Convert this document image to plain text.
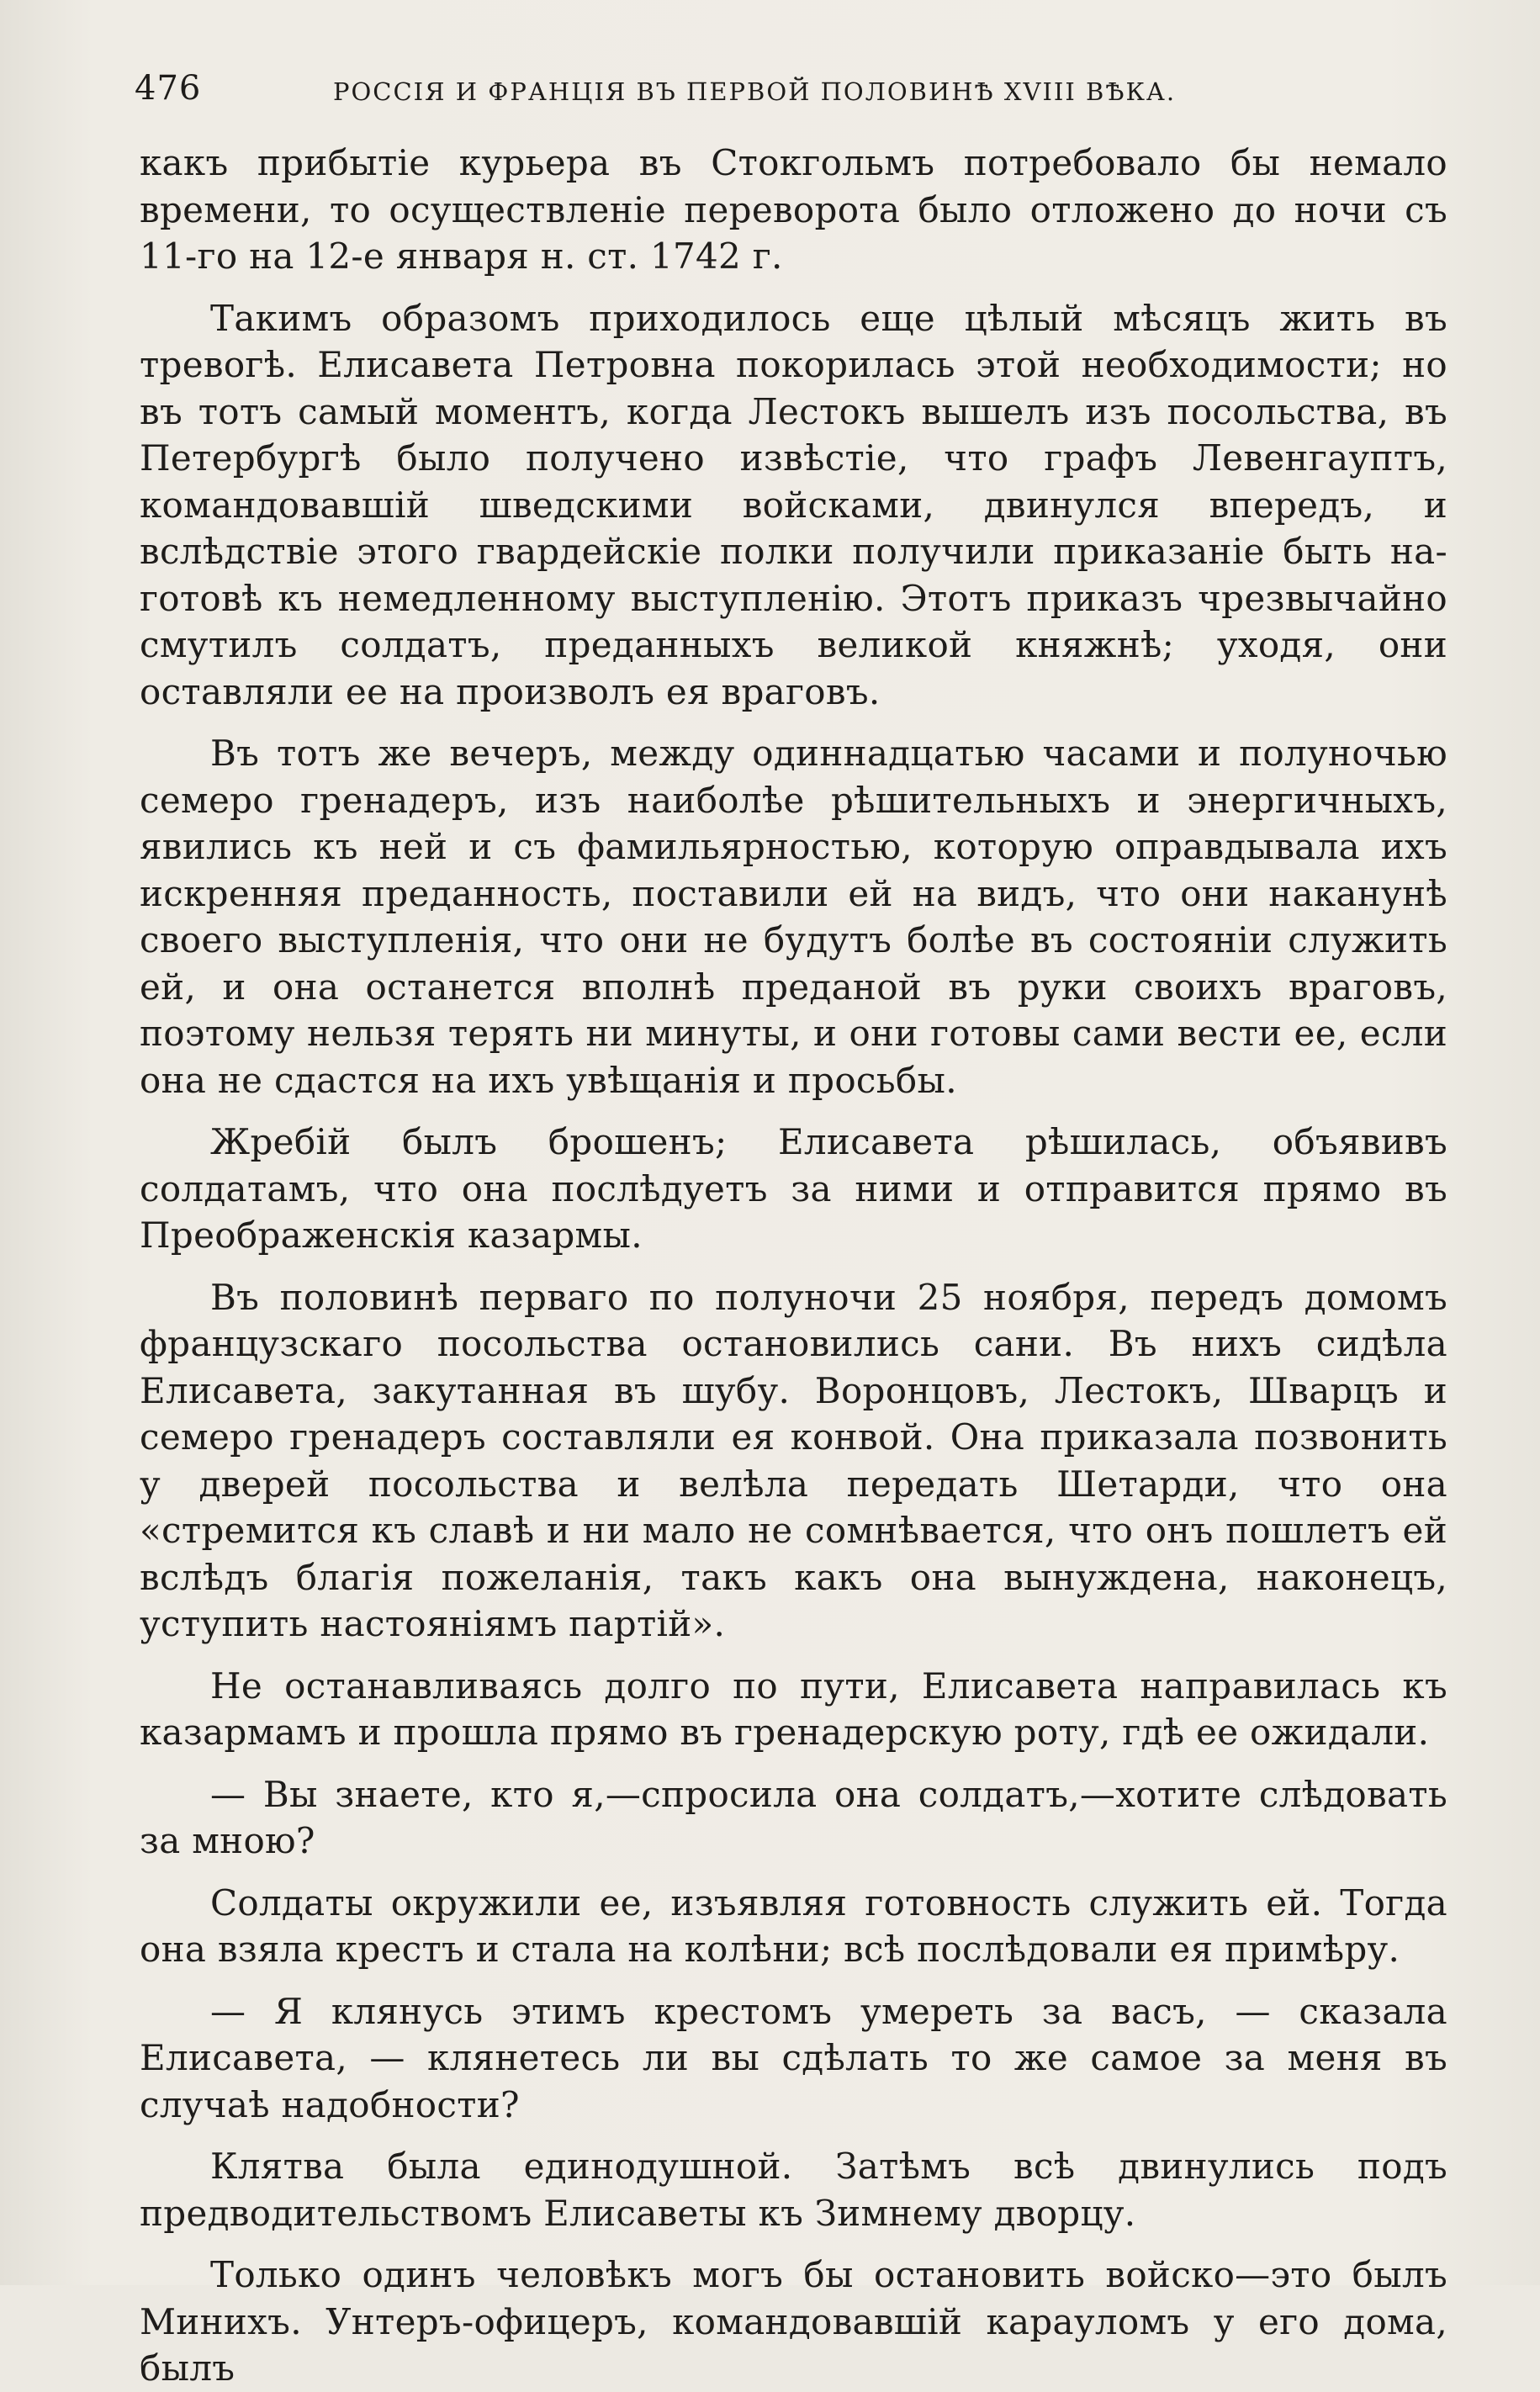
476	РОССІЯ И ФРАНЦІЯ ВЪ ПЕРВОЙ ПОЛОВИНѢ XVIII ВѢКА.

какъ прибытіе курьера въ Стокгольмъ потребовало бы немало времени, то осуществленіе переворота было отложено до ночи съ 11-го на 12-е января н. ст. 1742 г.

Такимъ образомъ приходилось еще цѣлый мѣсяцъ жить въ тревогѣ. Елисавета Петровна покорилась этой необходимости; но въ тотъ самый моментъ, когда Лестокъ вышелъ изъ посольства, въ Петербургѣ было получено извѣстіе, что графъ Левенгауптъ, командовавшій шведскими войсками, двинулся впередъ, и вслѣдствіе этого гвардейскіе полки получили приказаніе быть на-готовѣ къ немедленному выступленію. Этотъ приказъ чрезвычайно смутилъ солдатъ, преданныхъ великой княжнѣ; уходя, они оставляли ее на произволъ ея враговъ.

Въ тотъ же вечеръ, между одиннадцатью часами и полуночью семеро гренадеръ, изъ наиболѣе рѣшительныхъ и энергичныхъ, явились къ ней и съ фамильярностью, которую оправдывала ихъ искренняя преданность, поставили ей на видъ, что они наканунѣ своего выступленія, что они не будутъ болѣе въ состояніи служить ей, и она останется вполнѣ преданой въ руки своихъ враговъ, поэтому нельзя терять ни минуты, и они готовы сами вести ее, если она не сдастся на ихъ увѣщанія и просьбы.

Жребій былъ брошенъ; Елисавета рѣшилась, объявивъ солдатамъ, что она послѣдуетъ за ними и отправится прямо въ Преображенскія казармы.

Въ половинѣ перваго по полуночи 25 ноября, передъ домомъ французскаго посольства остановились сани. Въ нихъ сидѣла Елисавета, закутанная въ шубу. Воронцовъ, Лестокъ, Шварцъ и семеро гренадеръ составляли ея конвой. Она приказала позвонить у дверей посольства и велѣла передать Шетарди, что она «стремится къ славѣ и ни мало не сомнѣвается, что онъ пошлетъ ей вслѣдъ благія пожеланія, такъ какъ она вынуждена, наконецъ, уступить настояніямъ партій».

Не останавливаясь долго по пути, Елисавета направилась къ казармамъ и прошла прямо въ гренадерскую роту, гдѣ ее ожидали.

— Вы знаете, кто я,—спросила она солдатъ,—хотите слѣдовать за мною?

Солдаты окружили ее, изъявляя готовность служить ей. Тогда она взяла крестъ и стала на колѣни; всѣ послѣдовали ея примѣру.

— Я клянусь этимъ крестомъ умереть за васъ, — сказала Елисавета, — клянетесь ли вы сдѣлать то же самое за меня въ случаѣ надобности?

Клятва была единодушной. Затѣмъ всѣ двинулись подъ предводительствомъ Елисаветы къ Зимнему дворцу.

Только одинъ человѣкъ могъ бы остановить войско—это былъ Минихъ. Унтеръ-офицеръ, командовавшій карауломъ у его дома, былъ
